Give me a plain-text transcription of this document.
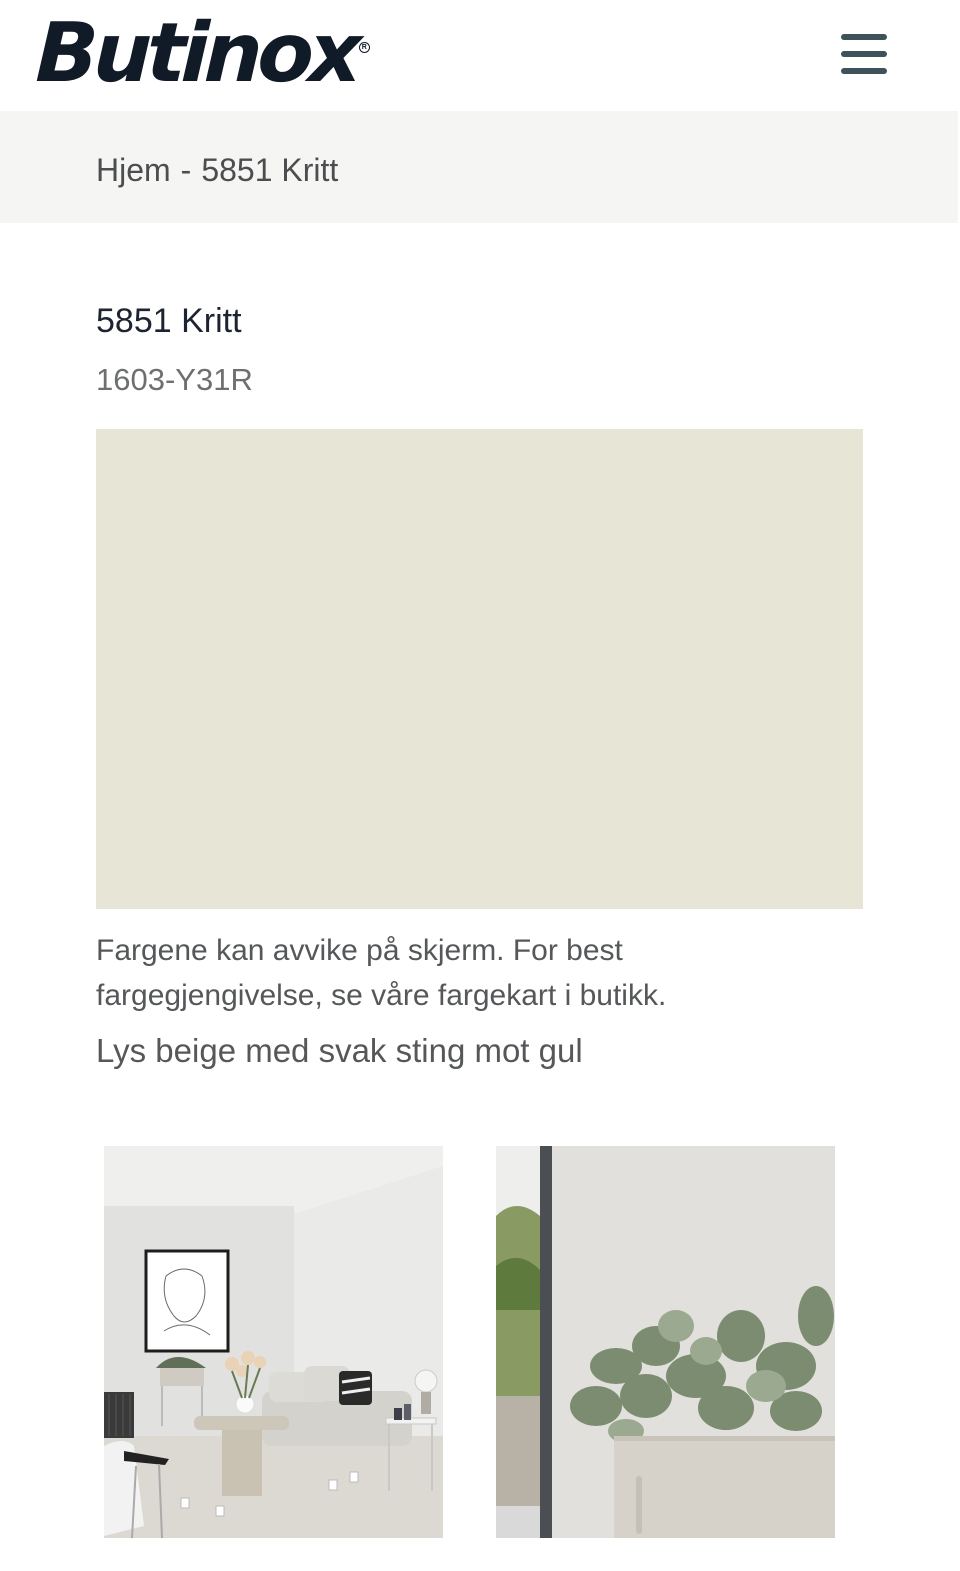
Butinox R
Hjem - 5851 Kritt
5851 Kritt
1603-Y31R

Fargene kan avvike på skjerm. For best fargegjengivelse, se våre fargekart i butikk.

Lys beige med svak sting mot gul
